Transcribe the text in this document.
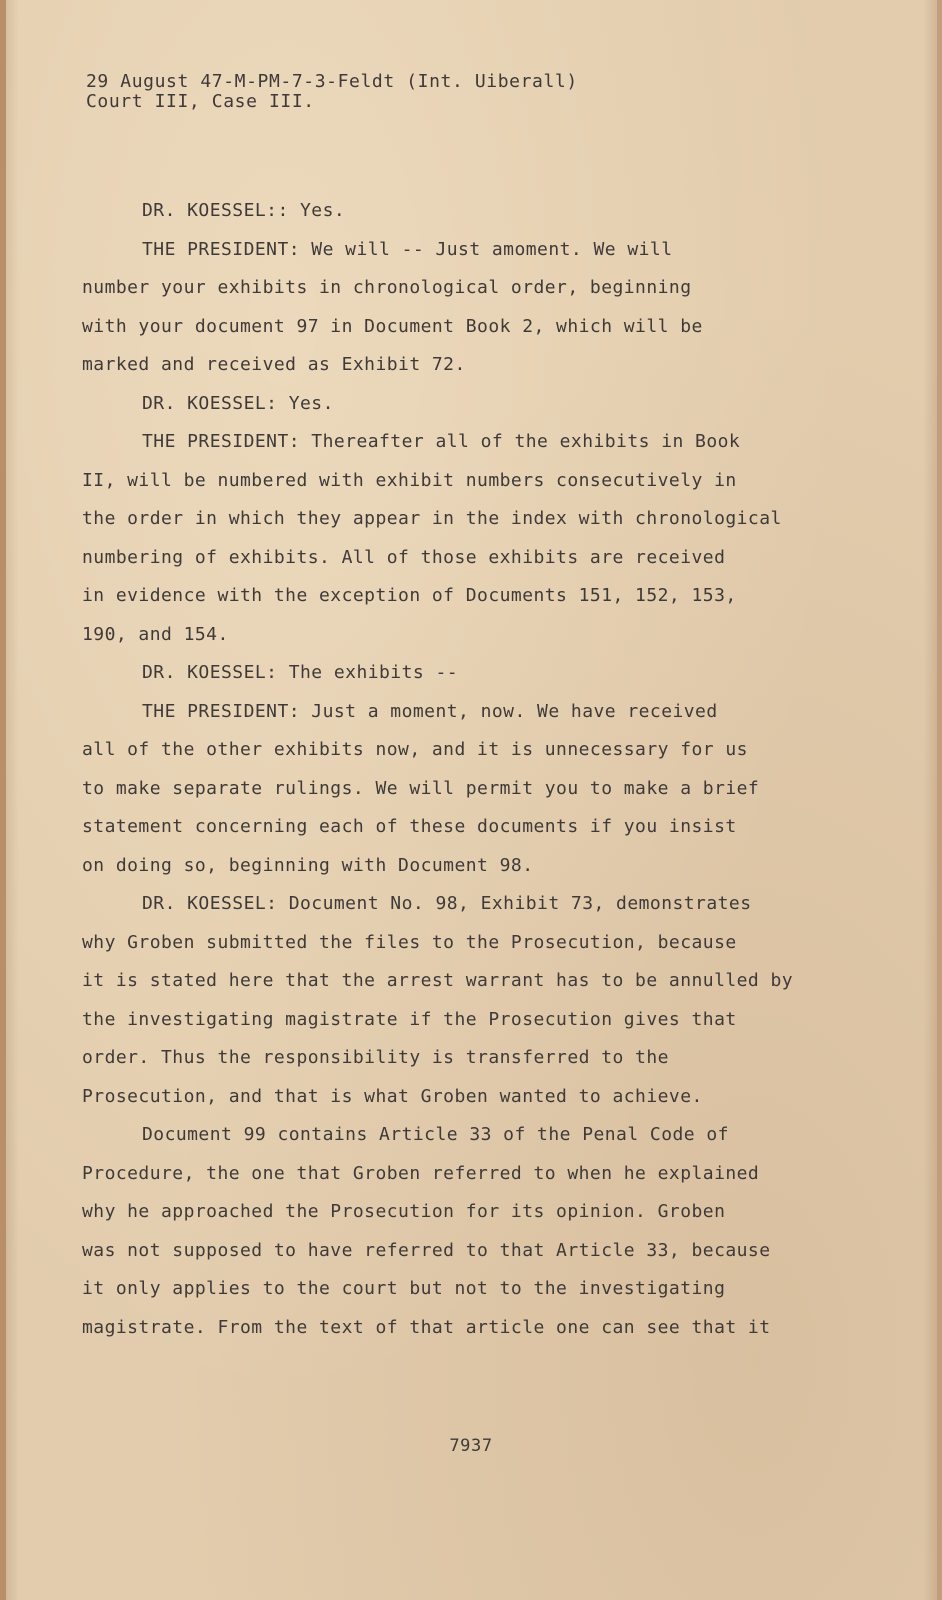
29 August 47-M-PM-7-3-Feldt (Int. Uiberall)
Court III, Case III.
DR. KOESSEL:: Yes.
THE PRESIDENT: We will -- Just amoment. We will
number your exhibits in chronological order, beginning
with your document 97 in Document Book 2, which will be
marked and received as Exhibit 72.
DR. KOESSEL: Yes.
THE PRESIDENT: Thereafter all of the exhibits in Book
II, will be numbered with exhibit numbers consecutively in
the order in which they appear in the index with chronological
numbering of exhibits. All of those exhibits are received
in evidence with the exception of Documents 151, 152, 153,
190, and 154.
DR. KOESSEL: The exhibits --
THE PRESIDENT: Just a moment, now. We have received
all of the other exhibits now, and it is unnecessary for us
to make separate rulings. We will permit you to make a brief
statement concerning each of these documents if you insist
on doing so, beginning with Document 98.
DR. KOESSEL: Document No. 98, Exhibit 73, demonstrates
why Groben submitted the files to the Prosecution, because
it is stated here that the arrest warrant has to be annulled by
the investigating magistrate if the Prosecution gives that
order. Thus the responsibility is transferred to the
Prosecution, and that is what Groben wanted to achieve.
Document 99 contains Article 33 of the Penal Code of
Procedure, the one that Groben referred to when he explained
why he approached the Prosecution for its opinion. Groben
was not supposed to have referred to that Article 33, because
it only applies to the court but not to the investigating
magistrate. From the text of that article one can see that it
7937
